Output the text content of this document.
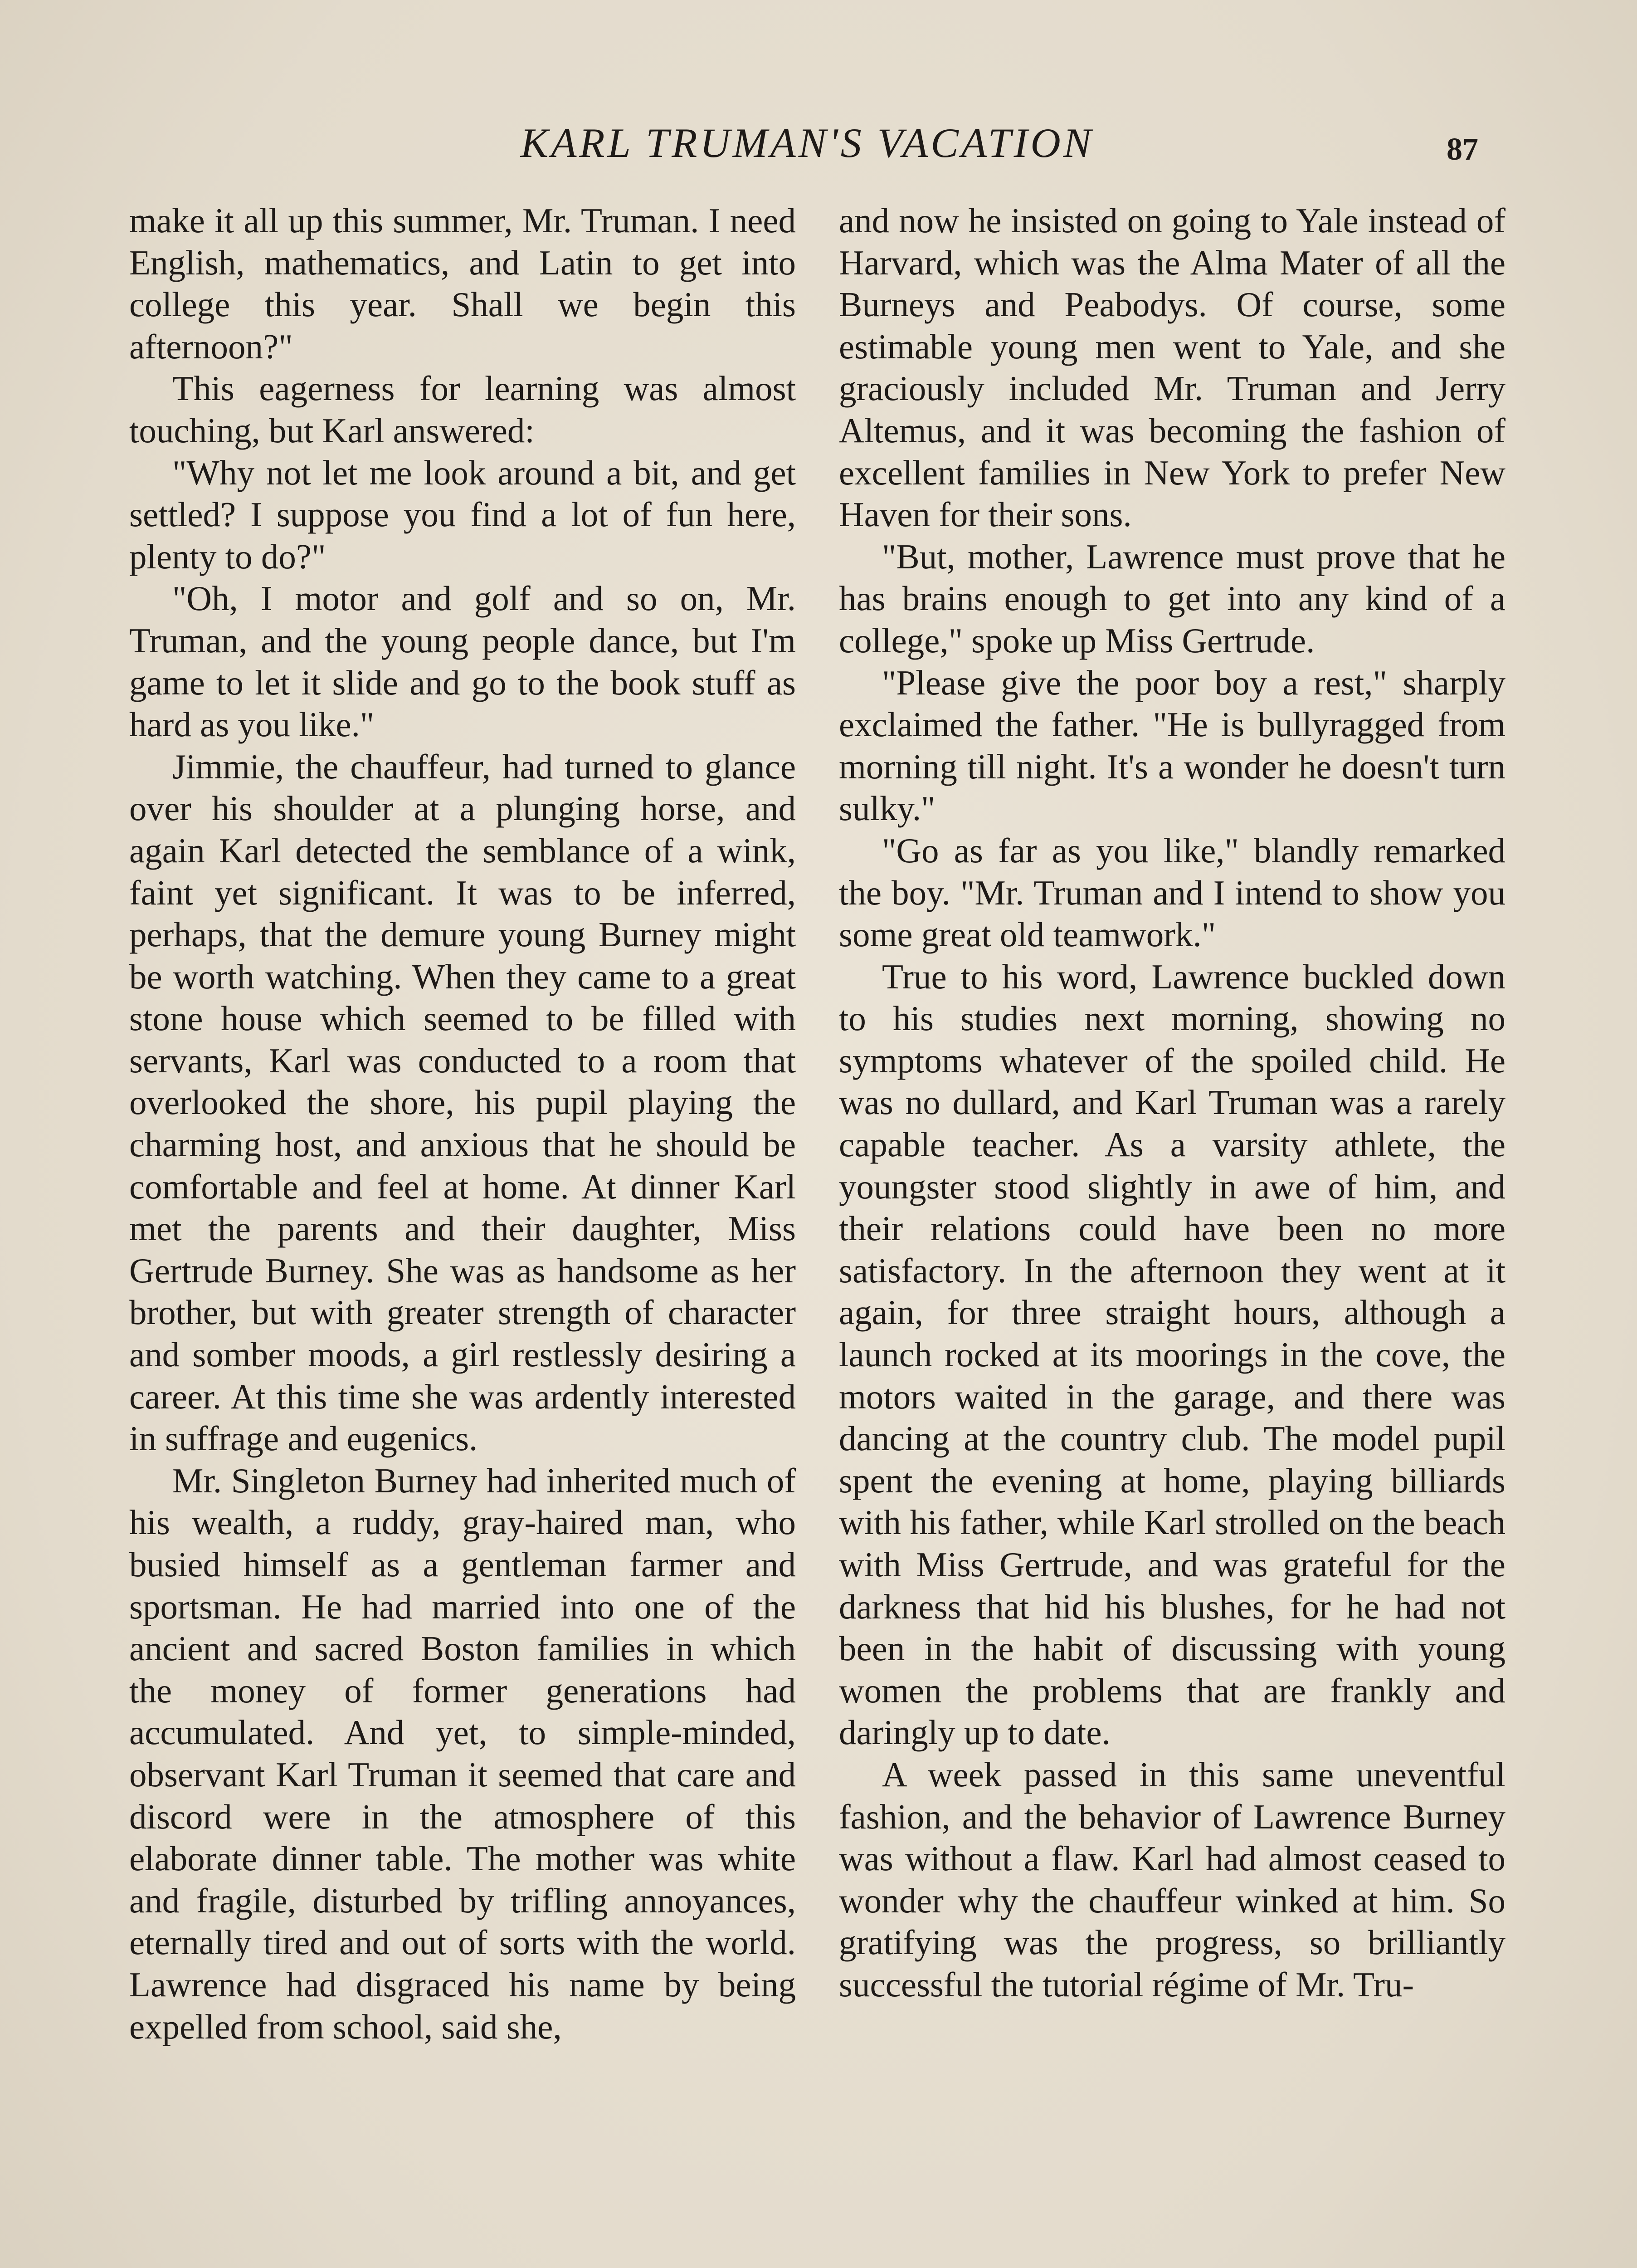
KARL TRUMAN'S VACATION	87

make it all up this summer, Mr. Truman. I need English, mathematics, and Latin to get into college this year. Shall we begin this afternoon?"

This eagerness for learning was almost touching, but Karl answered:

"Why not let me look around a bit, and get settled? I suppose you find a lot of fun here, plenty to do?"

"Oh, I motor and golf and so on, Mr. Truman, and the young people dance, but I'm game to let it slide and go to the book stuff as hard as you like."

Jimmie, the chauffeur, had turned to glance over his shoulder at a plunging horse, and again Karl detected the semblance of a wink, faint yet significant. It was to be inferred, perhaps, that the demure young Burney might be worth watching. When they came to a great stone house which seemed to be filled with servants, Karl was conducted to a room that overlooked the shore, his pupil playing the charming host, and anxious that he should be comfortable and feel at home. At dinner Karl met the parents and their daughter, Miss Gertrude Burney. She was as handsome as her brother, but with greater strength of character and somber moods, a girl restlessly desiring a career. At this time she was ardently interested in suffrage and eugenics.

Mr. Singleton Burney had inherited much of his wealth, a ruddy, gray-haired man, who busied himself as a gentleman farmer and sportsman. He had married into one of the ancient and sacred Boston families in which the money of former generations had accumulated. And yet, to simple-minded, observant Karl Truman it seemed that care and discord were in the atmosphere of this elaborate dinner table. The mother was white and fragile, disturbed by trifling annoyances, eternally tired and out of sorts with the world. Lawrence had disgraced his name by being expelled from school, said she,

and now he insisted on going to Yale instead of Harvard, which was the Alma Mater of all the Burneys and Peabodys. Of course, some estimable young men went to Yale, and she graciously included Mr. Truman and Jerry Altemus, and it was becoming the fashion of excellent families in New York to prefer New Haven for their sons.

"But, mother, Lawrence must prove that he has brains enough to get into any kind of a college," spoke up Miss Gertrude.

"Please give the poor boy a rest," sharply exclaimed the father. "He is bullyragged from morning till night. It's a wonder he doesn't turn sulky."

"Go as far as you like," blandly remarked the boy. "Mr. Truman and I intend to show you some great old teamwork."

True to his word, Lawrence buckled down to his studies next morning, showing no symptoms whatever of the spoiled child. He was no dullard, and Karl Truman was a rarely capable teacher. As a varsity athlete, the youngster stood slightly in awe of him, and their relations could have been no more satisfactory. In the afternoon they went at it again, for three straight hours, although a launch rocked at its moorings in the cove, the motors waited in the garage, and there was dancing at the country club. The model pupil spent the evening at home, playing billiards with his father, while Karl strolled on the beach with Miss Gertrude, and was grateful for the darkness that hid his blushes, for he had not been in the habit of discussing with young women the problems that are frankly and daringly up to date.

A week passed in this same uneventful fashion, and the behavior of Lawrence Burney was without a flaw. Karl had almost ceased to wonder why the chauffeur winked at him. So gratifying was the progress, so brilliantly successful the tutorial régime of Mr. Tru-
